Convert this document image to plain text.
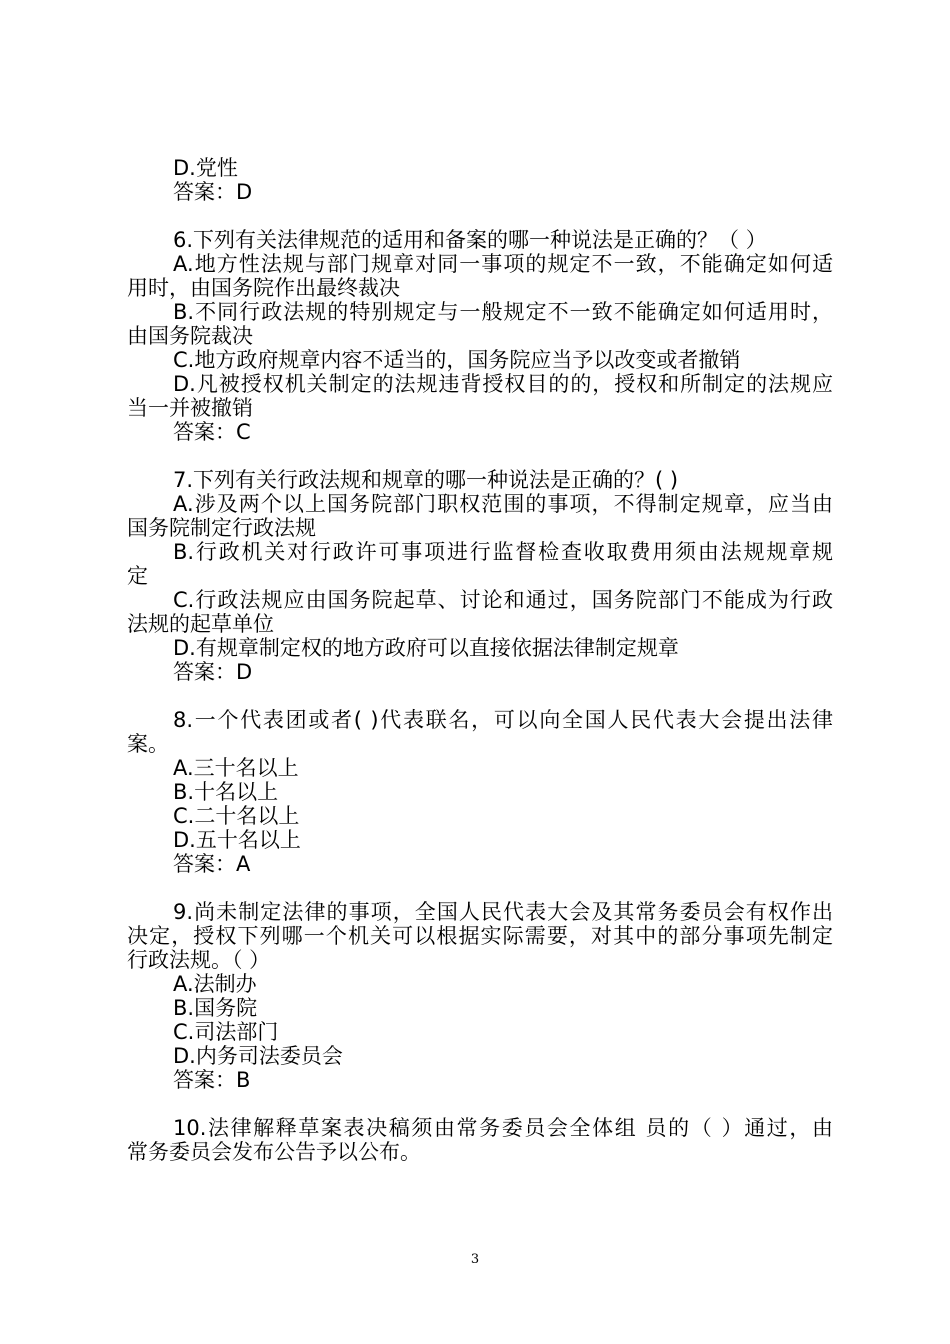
D.党性
答案：D
6.下列有关法律规范的适用和备案的哪一种说法是正确的？（ ）
A.地方性法规与部门规章对同一事项的规定不一致，不能确定如何适
用时，由国务院作出最终裁决
B.不同行政法规的特别规定与一般规定不一致不能确定如何适用时，
由国务院裁决
C.地方政府规章内容不适当的，国务院应当予以改变或者撤销
D.凡被授权机关制定的法规违背授权目的的，授权和所制定的法规应
当一并被撤销
答案：C
7.下列有关行政法规和规章的哪一种说法是正确的？( )
A.涉及两个以上国务院部门职权范围的事项，不得制定规章，应当由
国务院制定行政法规
B.行政机关对行政许可事项进行监督检查收取费用须由法规规章规
定
C.行政法规应由国务院起草、讨论和通过，国务院部门不能成为行政
法规的起草单位
D.有规章制定权的地方政府可以直接依据法律制定规章
答案：D
8.一个代表团或者( )代表联名，可以向全国人民代表大会提出法律
案。
A.三十名以上
B.十名以上
C.二十名以上
D.五十名以上
答案：A
9.尚未制定法律的事项，全国人民代表大会及其常务委员会有权作出
决定，授权下列哪一个机关可以根据实际需要，对其中的部分事项先制定
行政法规。（ ）
A.法制办
B.国务院
C.司法部门
D.内务司法委员会
答案：B
10.法律解释草案表决稿须由常务委员会全体组 员的（ ）通过，由
常务委员会发布公告予以公布。
3
